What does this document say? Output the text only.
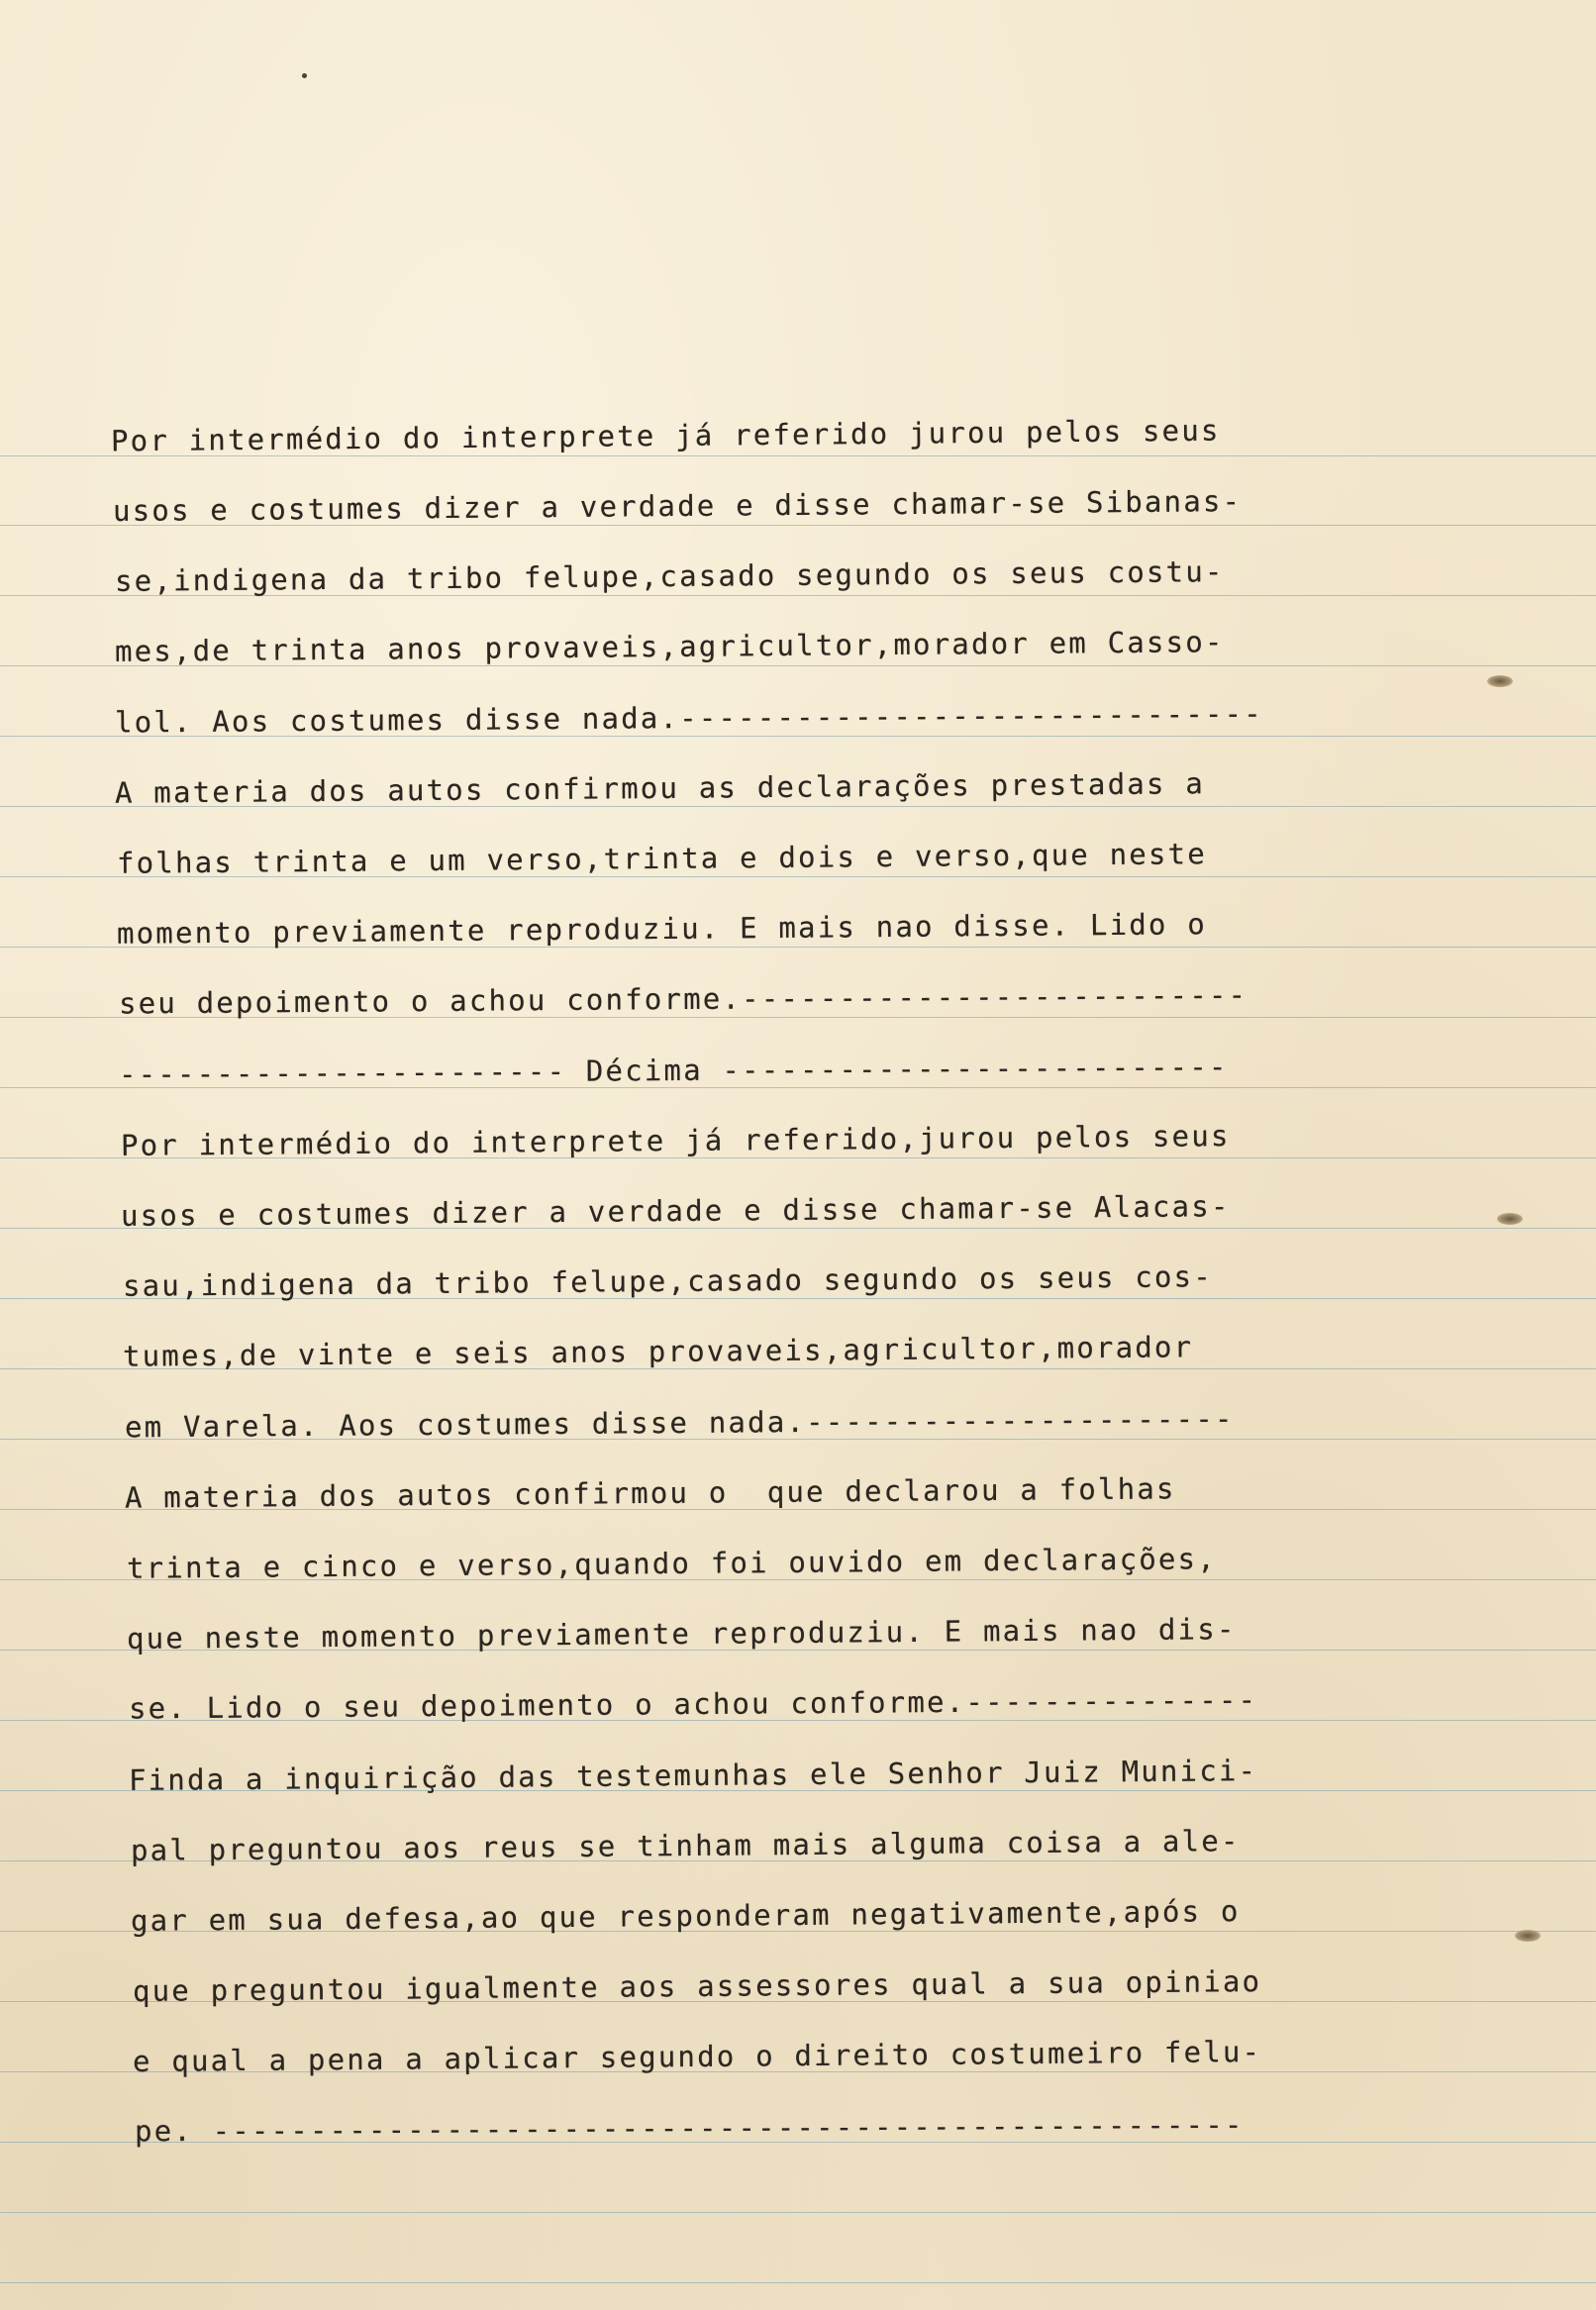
Por intermédio do interprete já referido jurou pelos seus

usos e costumes dizer a verdade e disse chamar-se Sibanas-

se,indigena da tribo felupe,casado segundo os seus costu-

mes,de trinta anos provaveis,agricultor,morador em Casso-

lol. Aos costumes disse nada.------------------------------

A materia dos autos confirmou as declarações prestadas a

folhas trinta e um verso,trinta e dois e verso,que neste

momento previamente reproduziu. E mais nao disse. Lido o

seu depoimento o achou conforme.--------------------------

----------------------- Décima --------------------------

Por intermédio do interprete já referido,jurou pelos seus

usos e costumes dizer a verdade e disse chamar-se Alacas-

sau,indigena da tribo felupe,casado segundo os seus cos-

tumes,de vinte e seis anos provaveis,agricultor,morador

em Varela. Aos costumes disse nada.----------------------

A materia dos autos confirmou o  que declarou a folhas

trinta e cinco e verso,quando foi ouvido em declarações,

que neste momento previamente reproduziu. E mais nao dis-

se. Lido o seu depoimento o achou conforme.---------------

Finda a inquirição das testemunhas ele Senhor Juiz Munici-

pal preguntou aos reus se tinham mais alguma coisa a ale-

gar em sua defesa,ao que responderam negativamente,após o

que preguntou igualmente aos assessores qual a sua opiniao

e qual a pena a aplicar segundo o direito costumeiro felu-

pe. -----------------------------------------------------
